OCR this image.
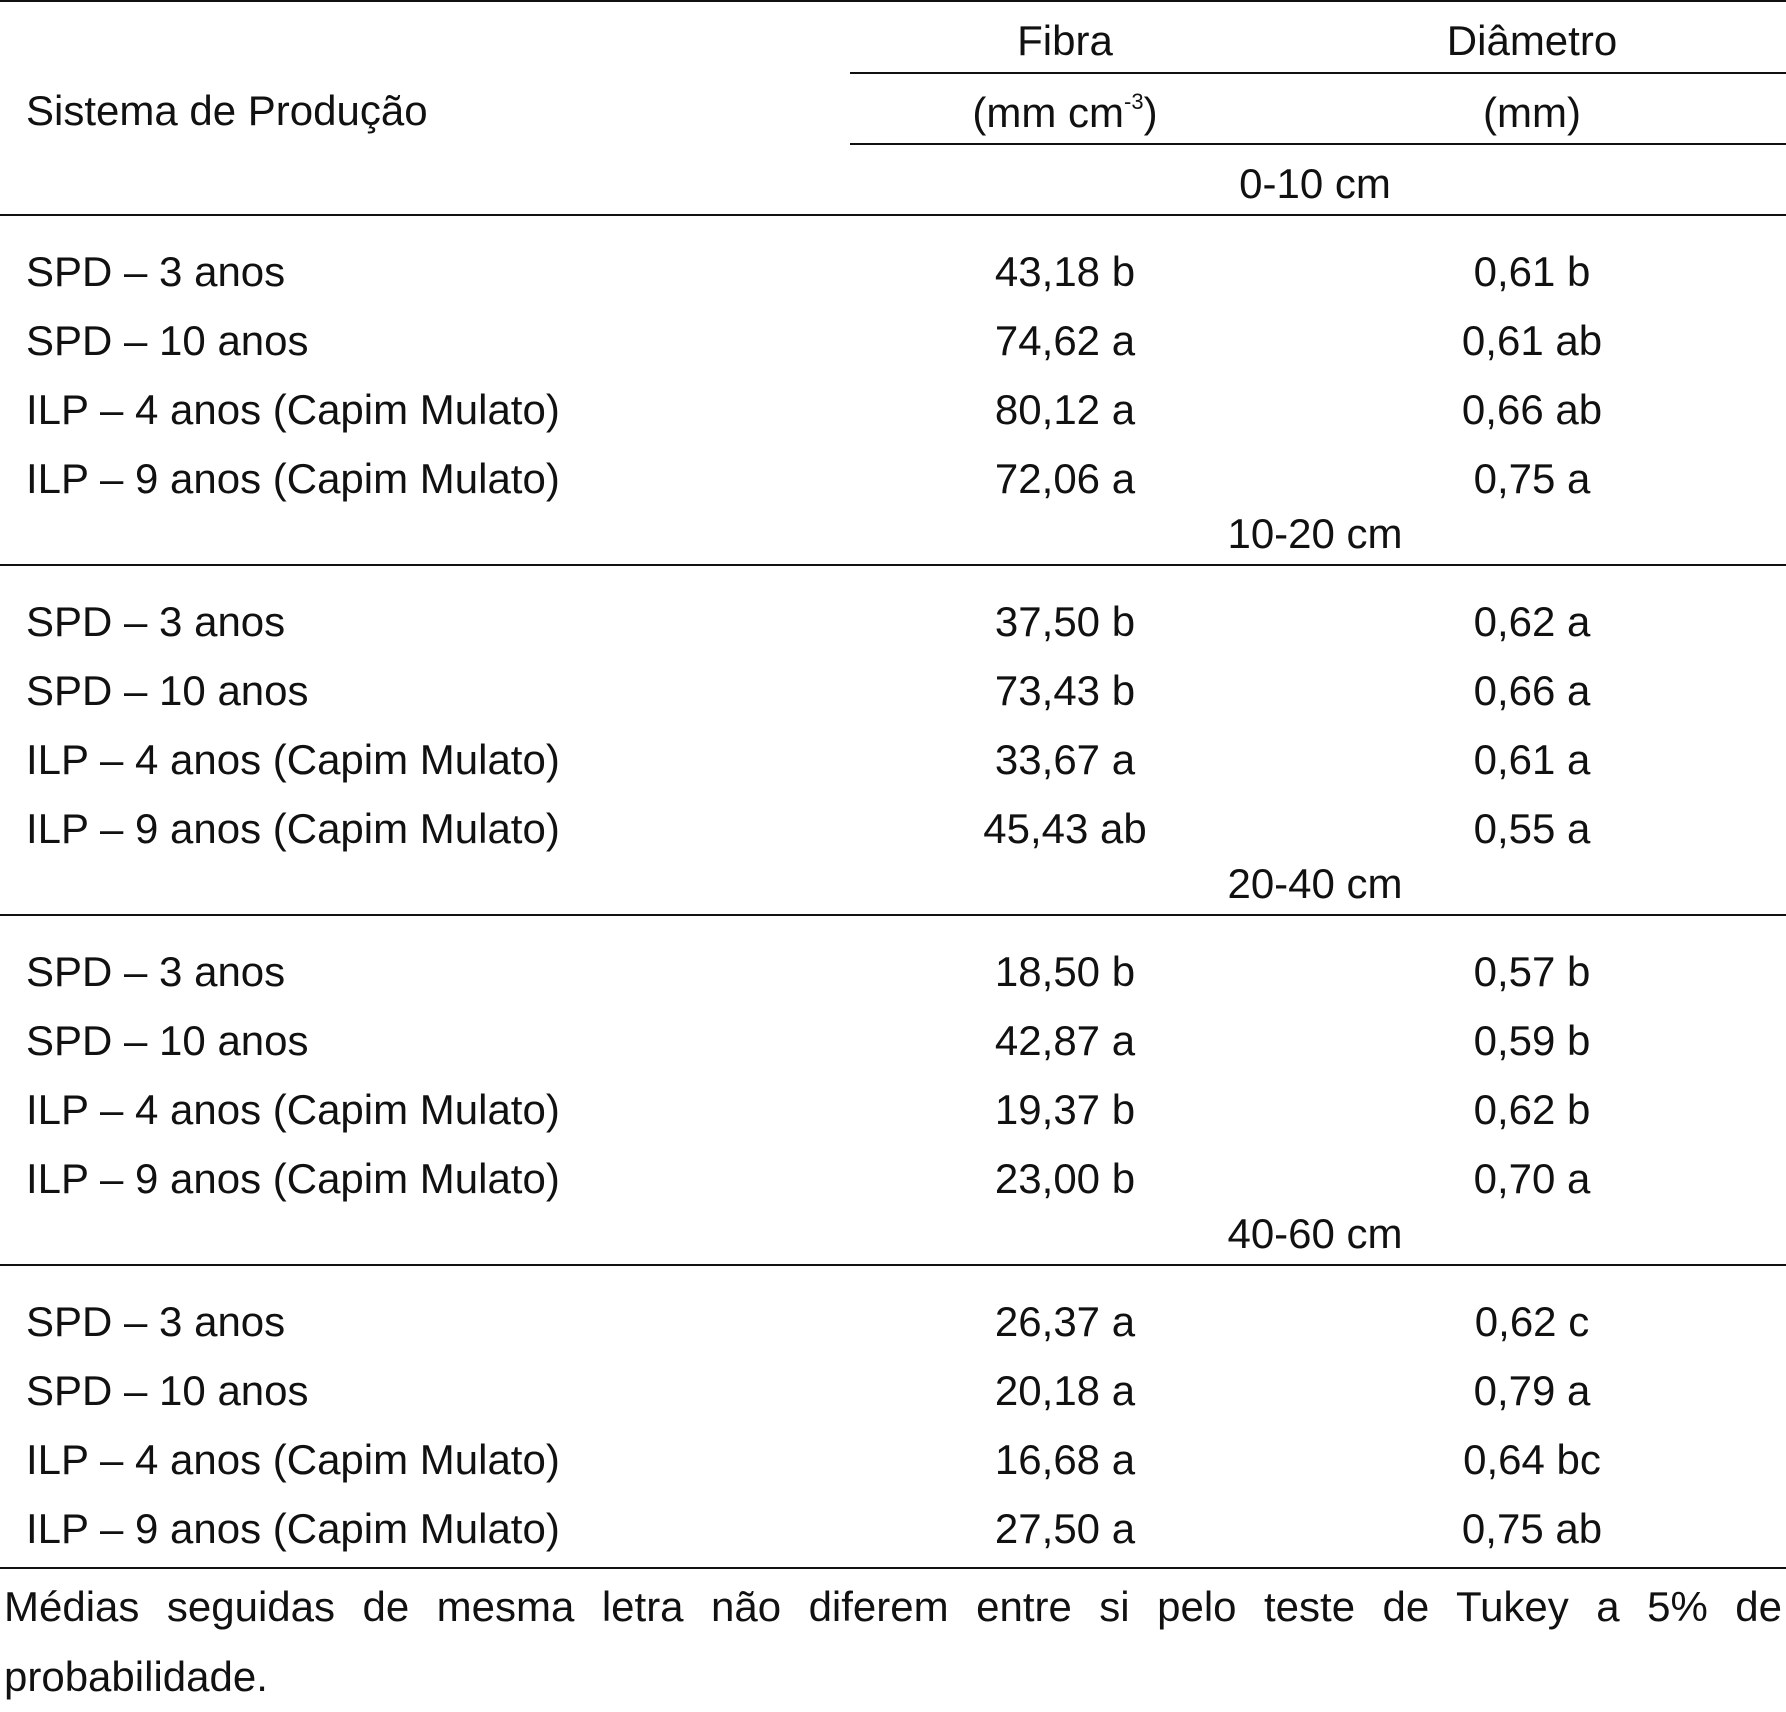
Fibra	Diâmetro
Sistema de Produção	(mm $cm^{-3}$)	(mm)
0-10 cm
SPD – 3 anos	43,18 b	0,61 b
SPD – 10 anos	74,62 a	0,61 ab
ILP – 4 anos (Capim Mulato)	80,12 a	0,66 ab
ILP – 9 anos (Capim Mulato)	72,06 a	0,75 a
10-20 cm
SPD – 3 anos	37,50 b	0,62 a
SPD – 10 anos	73,43 b	0,66 a
ILP – 4 anos (Capim Mulato)	33,67 a	0,61 a
ILP – 9 anos (Capim Mulato)	45,43 ab	0,55 a
20-40 cm
SPD – 3 anos	18,50 b	0,57 b
SPD – 10 anos	42,87 a	0,59 b
ILP – 4 anos (Capim Mulato)	19,37 b	0,62 b
ILP – 9 anos (Capim Mulato)	23,00 b	0,70 a
40-60 cm
SPD – 3 anos	26,37 a	0,62 c
SPD – 10 anos	20,18 a	0,79 a
ILP – 4 anos (Capim Mulato)	16,68 a	0,64 bc
ILP – 9 anos (Capim Mulato)	27,50 a	0,75 ab
Médias seguidas de mesma letra não diferem entre si pelo teste de Tukey a 5% de probabilidade.
